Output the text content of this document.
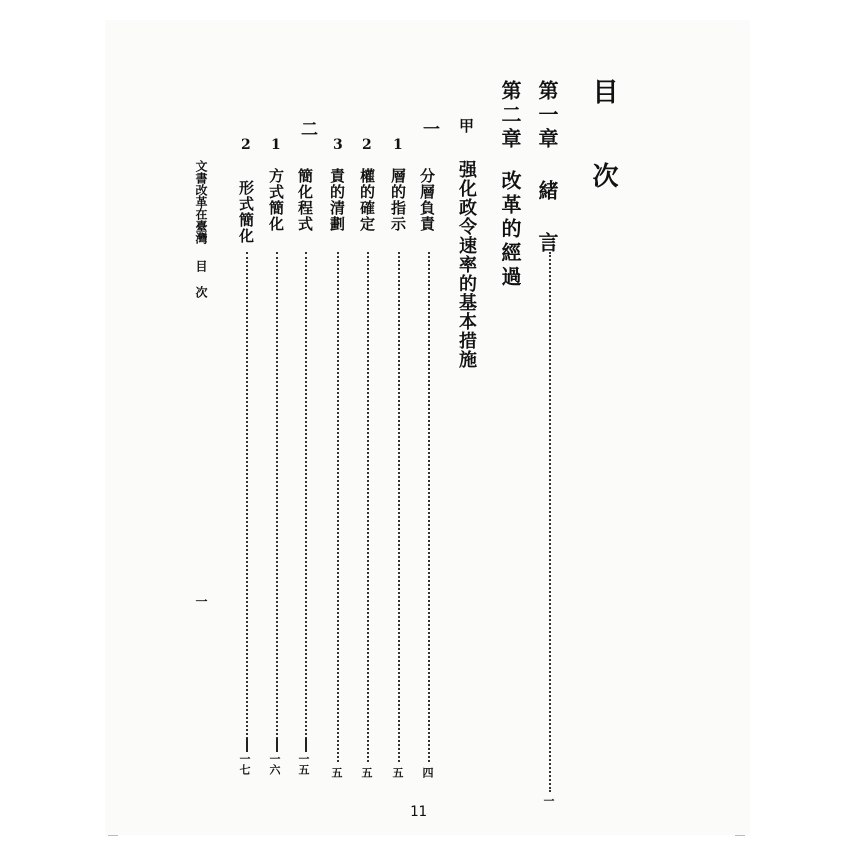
目 次
第一章
緒 言
一
第二章
改革的經過
甲
强化政令速率的基本措施
一
分層負責
四
1
層的指示
五
2
權的確定
五
3
責的清劃
五
二
簡化程式
一五
1
方式簡化
一六
2
形式簡化
一七
文書改革在臺灣
目 次
一
11
